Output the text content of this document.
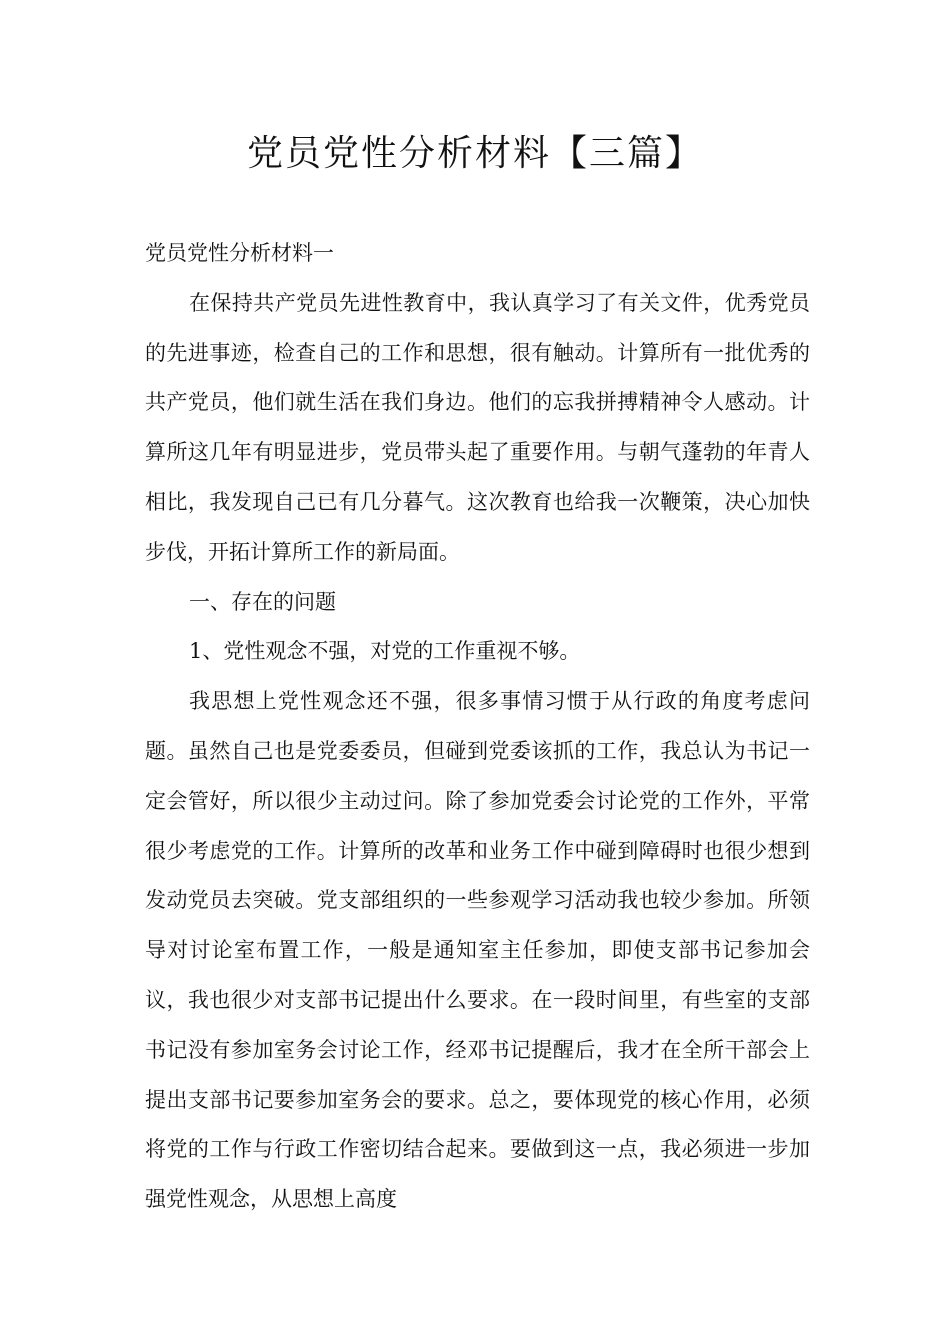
党员党性分析材料【三篇】

党员党性分析材料一

在保持共产党员先进性教育中，我认真学习了有关文件，优秀党员的先进事迹，检查自己的工作和思想，很有触动。计算所有一批优秀的共产党员，他们就生活在我们身边。他们的忘我拼搏精神令人感动。计算所这几年有明显进步，党员带头起了重要作用。与朝气蓬勃的年青人相比，我发现自己已有几分暮气。这次教育也给我一次鞭策，决心加快步伐，开拓计算所工作的新局面。

一、存在的问题

1、党性观念不强，对党的工作重视不够。

我思想上党性观念还不强，很多事情习惯于从行政的角度考虑问题。虽然自己也是党委委员，但碰到党委该抓的工作，我总认为书记一定会管好，所以很少主动过问。除了参加党委会讨论党的工作外，平常很少考虑党的工作。计算所的改革和业务工作中碰到障碍时也很少想到发动党员去突破。党支部组织的一些参观学习活动我也较少参加。所领导对讨论室布置工作，一般是通知室主任参加，即使支部书记参加会议，我也很少对支部书记提出什么要求。在一段时间里，有些室的支部书记没有参加室务会讨论工作，经邓书记提醒后，我才在全所干部会上提出支部书记要参加室务会的要求。总之，要体现党的核心作用，必须将党的工作与行政工作密切结合起来。要做到这一点，我必须进一步加强党性观念，从思想上高度
